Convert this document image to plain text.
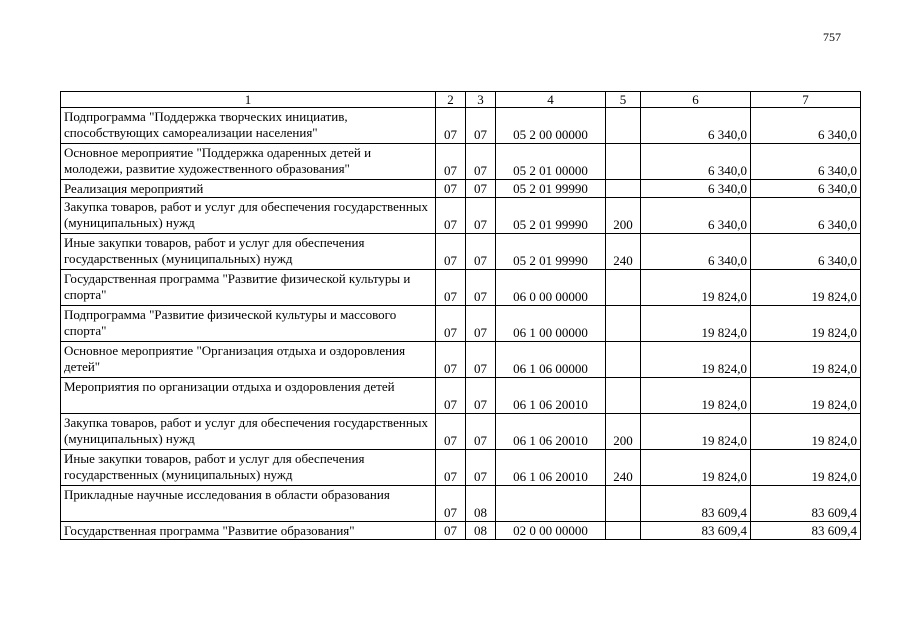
757
1	2	3	4	5	6	7
Подпрограмма "Поддержка творческих инициатив, способствующих самореализации населения"	07	07	05 2 00 00000		6 340,0	6 340,0
Основное мероприятие "Поддержка одаренных детей и молодежи, развитие художественного образования"	07	07	05 2 01 00000		6 340,0	6 340,0
Реализация мероприятий	07	07	05 2 01 99990		6 340,0	6 340,0
Закупка товаров, работ и услуг для обеспечения государственных (муниципальных) нужд	07	07	05 2 01 99990	200	6 340,0	6 340,0
Иные закупки товаров, работ и услуг для обеспечения государственных (муниципальных) нужд	07	07	05 2 01 99990	240	6 340,0	6 340,0
Государственная программа "Развитие физической культуры и спорта"	07	07	06 0 00 00000		19 824,0	19 824,0
Подпрограмма "Развитие физической культуры и массового спорта"	07	07	06 1 00 00000		19 824,0	19 824,0
Основное мероприятие "Организация отдыха и оздоровления детей"	07	07	06 1 06 00000		19 824,0	19 824,0
Мероприятия по организации отдыха и оздоровления детей	07	07	06 1 06 20010		19 824,0	19 824,0
Закупка товаров, работ и услуг для обеспечения государственных (муниципальных) нужд	07	07	06 1 06 20010	200	19 824,0	19 824,0
Иные закупки товаров, работ и услуг для обеспечения государственных (муниципальных) нужд	07	07	06 1 06 20010	240	19 824,0	19 824,0
Прикладные научные исследования в области образования	07	08			83 609,4	83 609,4
Государственная программа "Развитие образования"	07	08	02 0 00 00000		83 609,4	83 609,4
